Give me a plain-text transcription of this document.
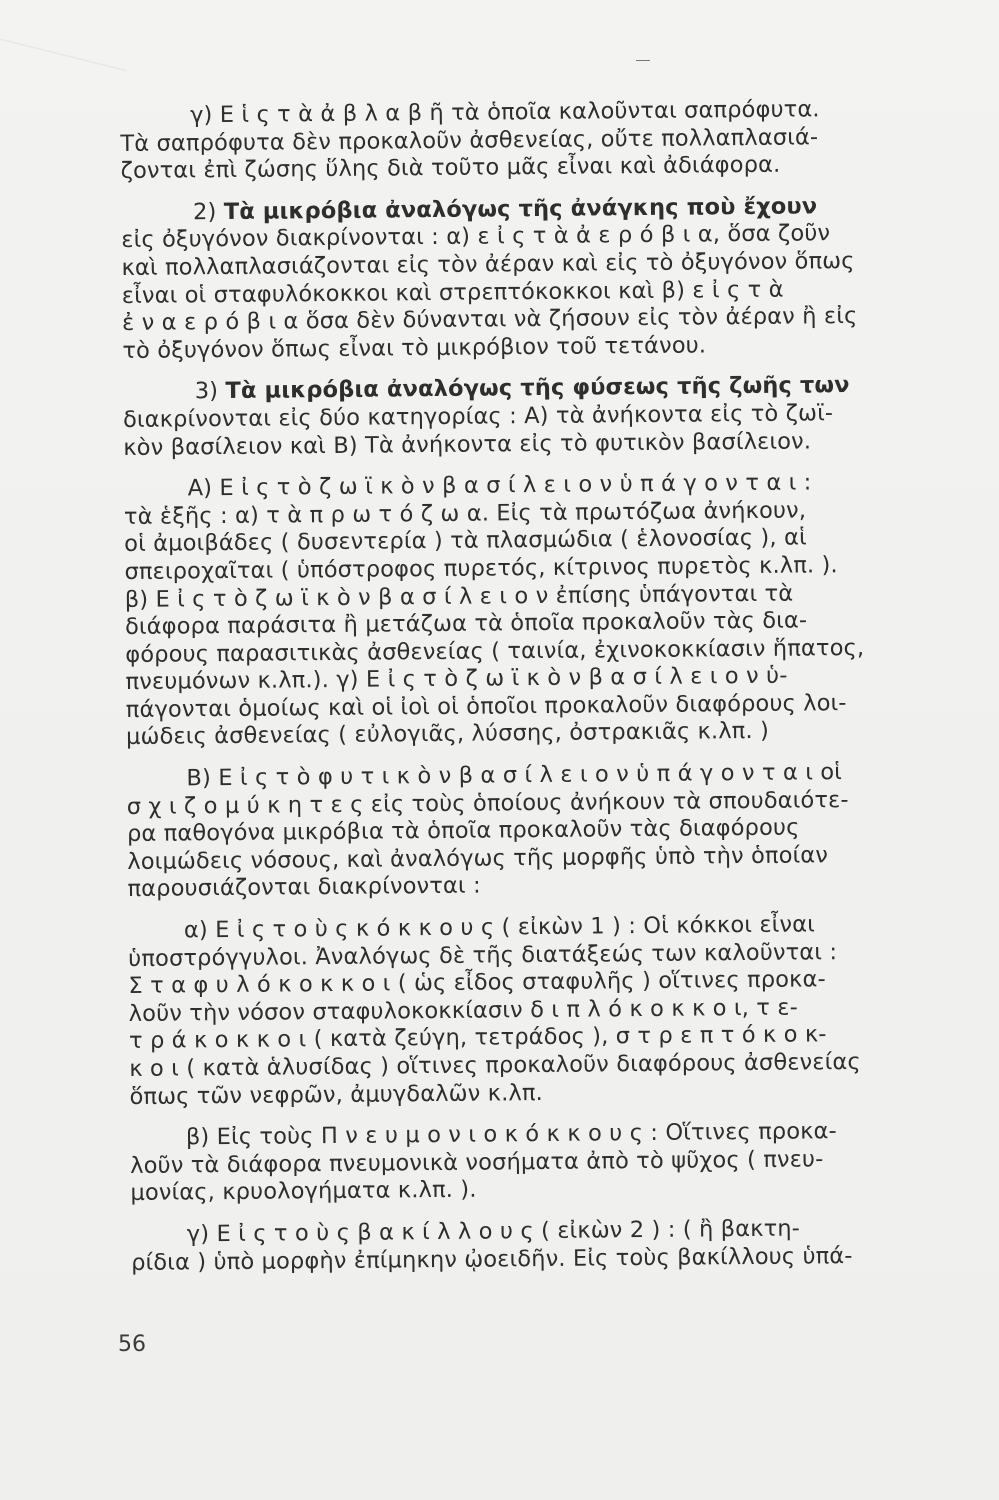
γ) Ε ἱ ς τ ὰ ἀ β λ α β ῆ τὰ ὁποῖα καλοῦνται σαπρόφυτα.
Τὰ σαπρόφυτα δὲν προκαλοῦν ἀσθενείας, οὔτε πολλαπλασιά-
ζονται ἐπὶ ζώσης ὕλης διὰ τοῦτο μᾶς εἶναι καὶ ἀδιάφορα.
2) Τὰ μικρόβια ἀναλόγως τῆς ἀνάγκης ποὺ ἔχουν
εἰς ὀξυγόνον διακρίνονται : α) ε ἰ ς τ ὰ ἀ ε ρ ό β ι α, ὅσα ζοῦν
καὶ πολλαπλασιάζονται εἰς τὸν ἀέραν καὶ εἰς τὸ ὀξυγόνον ὅπως
εἶναι οἱ σταφυλόκοκκοι καὶ στρεπτόκοκκοι καὶ β) ε ἰ ς τ ὰ
ἐ ν α ε ρ ό β ι α ὅσα δὲν δύνανται νὰ ζήσουν εἰς τὸν ἀέραν ἢ εἰς
τὸ ὀξυγόνον ὅπως εἶναι τὸ μικρόβιον τοῦ τετάνου.
3) Τὰ μικρόβια ἀναλόγως τῆς φύσεως τῆς ζωῆς των
διακρίνονται εἰς δύο κατηγορίας : Α) τὰ ἀνήκοντα εἰς τὸ ζωϊ-
κὸν βασίλειον καὶ Β) Τὰ ἀνήκοντα εἰς τὸ φυτικὸν βασίλειον.
Α) Ε ἰ ς τ ὸ ζ ω ϊ κ ὸ ν β α σ ί λ ε ι ο ν ὑ π ά γ ο ν τ α ι :
τὰ ἑξῆς : α) τ ὰ π ρ ω τ ό ζ ω α. Εἰς τὰ πρωτόζωα ἀνήκουν,
οἱ ἀμοιβάδες ( δυσεντερία ) τὰ πλασμώδια ( ἑλονοσίας ), αἱ
σπειροχαῖται ( ὑπόστροφος πυρετός, κίτρινος πυρετὸς κ.λπ. ).
β) Ε ἰ ς τ ὸ ζ ω ϊ κ ὸ ν β α σ ί λ ε ι ο ν ἐπίσης ὑπάγονται τὰ
διάφορα παράσιτα ἢ μετάζωα τὰ ὁποῖα προκαλοῦν τὰς δια-
φόρους παρασιτικὰς ἀσθενείας ( ταινία, ἐχινοκοκκίασιν ἥπατος,
πνευμόνων κ.λπ.). γ) Ε ἰ ς τ ὸ ζ ω ϊ κ ὸ ν β α σ ί λ ε ι ο ν ὑ-
πάγονται ὁμοίως καὶ οἱ ἰοὶ οἱ ὁποῖοι προκαλοῦν διαφόρους λοι-
μώδεις ἀσθενείας ( εὐλογιᾶς, λύσσης, ὀστρακιᾶς κ.λπ. )
Β) Ε ἰ ς τ ὸ φ υ τ ι κ ὸ ν β α σ ί λ ε ι ο ν ὑ π ά γ ο ν τ α ι οἱ
σ χ ι ζ ο μ ύ κ η τ ε ς εἰς τοὺς ὁποίους ἀνήκουν τὰ σπουδαιότε-
ρα παθογόνα μικρόβια τὰ ὁποῖα προκαλοῦν τὰς διαφόρους
λοιμώδεις νόσους, καὶ ἀναλόγως τῆς μορφῆς ὑπὸ τὴν ὁποίαν
παρουσιάζονται διακρίνονται :
α) Ε ἰ ς τ ο ὺ ς κ ό κ κ ο υ ς ( εἰκὼν 1 ) : Οἱ κόκκοι εἶναι
ὑποστρόγγυλοι. Ἀναλόγως δὲ τῆς διατάξεώς των καλοῦνται :
Σ τ α φ υ λ ό κ ο κ κ ο ι ( ὡς εἶδος σταφυλῆς ) οἵτινες προκα-
λοῦν τὴν νόσον σταφυλοκοκκίασιν δ ι π λ ό κ ο κ κ ο ι, τ ε-
τ ρ ά κ ο κ κ ο ι ( κατὰ ζεύγη, τετράδος ), σ τ ρ ε π τ ό κ ο κ-
κ ο ι ( κατὰ ἁλυσίδας ) οἵτινες προκαλοῦν διαφόρους ἀσθενείας
ὅπως τῶν νεφρῶν, ἀμυγδαλῶν κ.λπ.
β) Εἰς τοὺς Π ν ε υ μ ο ν ι ο κ ό κ κ ο υ ς : Οἵτινες προκα-
λοῦν τὰ διάφορα πνευμονικὰ νοσήματα ἀπὸ τὸ ψῦχος ( πνευ-
μονίας, κρυολογήματα κ.λπ. ).
γ) Ε ἰ ς τ ο ὺ ς β α κ ί λ λ ο υ ς ( εἰκὼν 2 ) : ( ἢ βακτη-
ρίδια ) ὑπὸ μορφὴν ἐπίμηκην ᾠοειδῆν. Εἰς τοὺς βακίλλους ὑπά-
56
